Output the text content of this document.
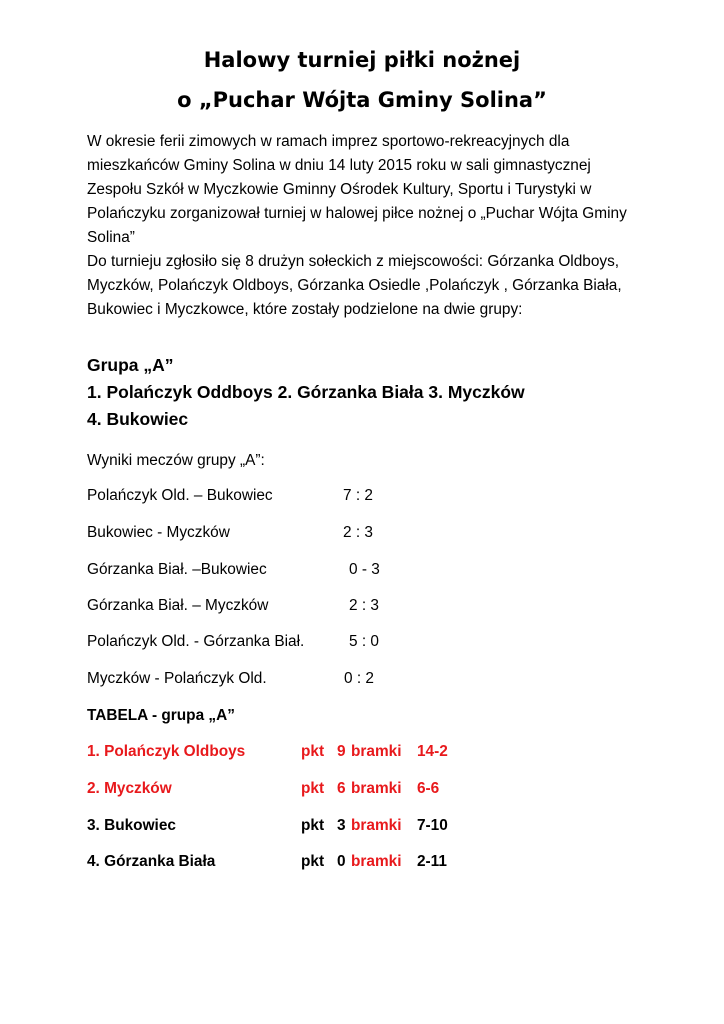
Halowy turniej piłki nożnej
o „Puchar Wójta Gminy Solina”

W okresie ferii zimowych w ramach imprez sportowo-rekreacyjnych dla mieszkańców Gminy Solina w dniu 14 luty 2015 roku w sali gimnastycznej Zespołu Szkół w Myczkowie Gminny Ośrodek Kultury, Sportu i Turystyki w Polańczyku zorganizował turniej w halowej piłce nożnej o „Puchar Wójta Gminy Solina”

Do turnieju zgłosiło się 8 drużyn sołeckich z miejscowości: Górzanka Oldboys, Myczków, Polańczyk Oldboys, Górzanka Osiedle ,Polańczyk , Górzanka Biała, Bukowiec i Myczkowce, które zostały podzielone na dwie grupy:

Grupa „A”
1. Polańczyk Oddboys 2. Górzanka Biała 3. Myczków
4. Bukowiec
Wyniki meczów grupy „A”:
Polańczyk Old. – Bukowiec	7 : 2
Bukowiec - Myczków	2 : 3
Górzanka Biał. –Bukowiec	0 - 3
Górzanka Biał. – Myczków	2 : 3
Polańczyk Old. - Górzanka Biał.	5 : 0
Myczków - Polańczyk Old.	0 : 2
TABELA - grupa „A”
1. Polańczyk Oldboys	pkt 9 bramki 14-2
2. Myczków	pkt 6 bramki 6-6
3. Bukowiec	pkt 3 bramki 7-10
4. Górzanka Biała	pkt 0 bramki 2-11
